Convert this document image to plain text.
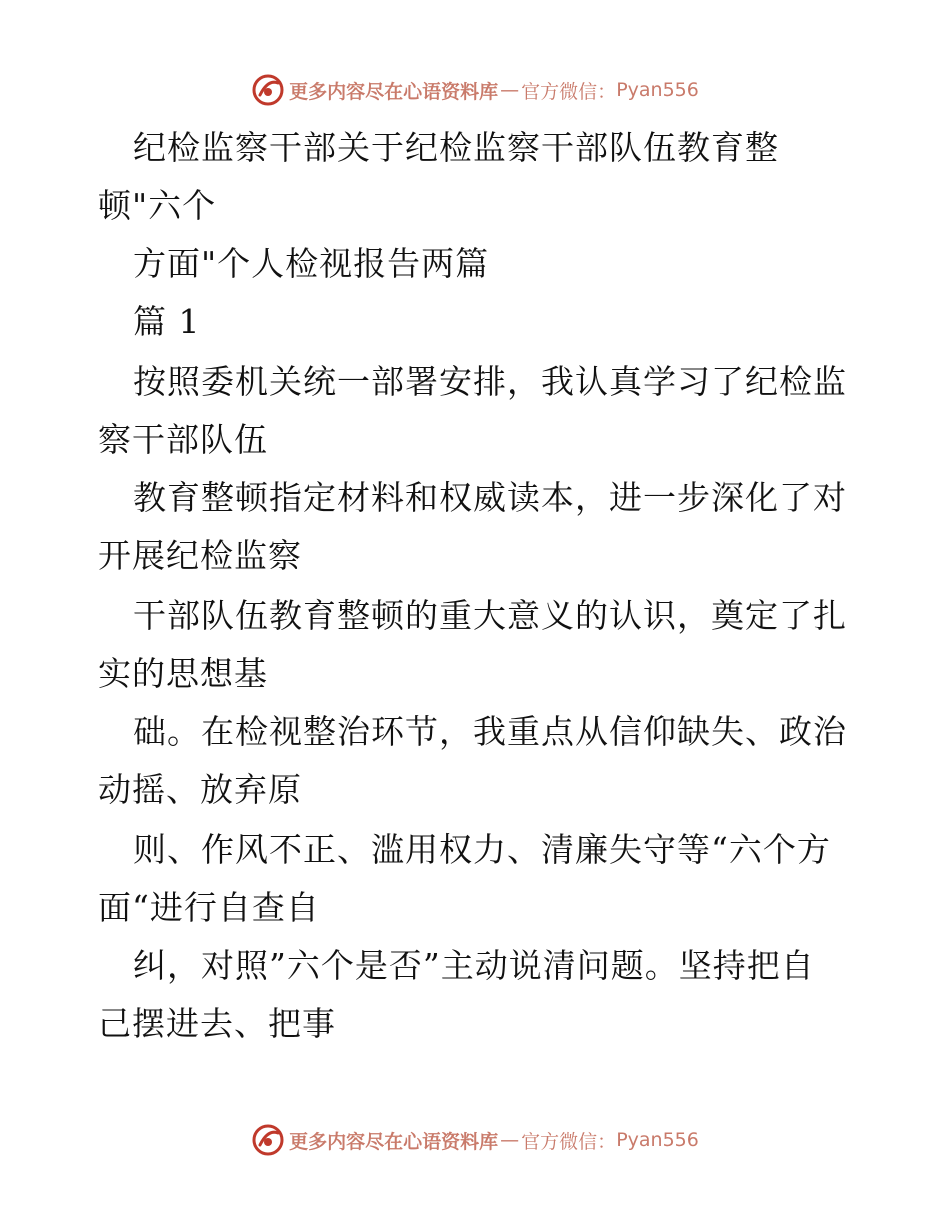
更多内容尽在心语资料库 — 官方微信： Pyan556
纪检监察干部关于纪检监察干部队伍教育整
顿"六个
方面"个人检视报告两篇
篇 1
按照委机关统一部署安排，我认真学习了纪检监
察干部队伍
教育整顿指定材料和权威读本，进一步深化了对
开展纪检监察
干部队伍教育整顿的重大意义的认识，奠定了扎
实的思想基
础。在检视整治环节，我重点从信仰缺失、政治
动摇、放弃原
则、作风不正、滥用权力、清廉失守等“六个方
面“进行自查自
纠，对照”六个是否”主动说清问题。坚持把自
己摆进去、把事
更多内容尽在心语资料库 — 官方微信： Pyan556
